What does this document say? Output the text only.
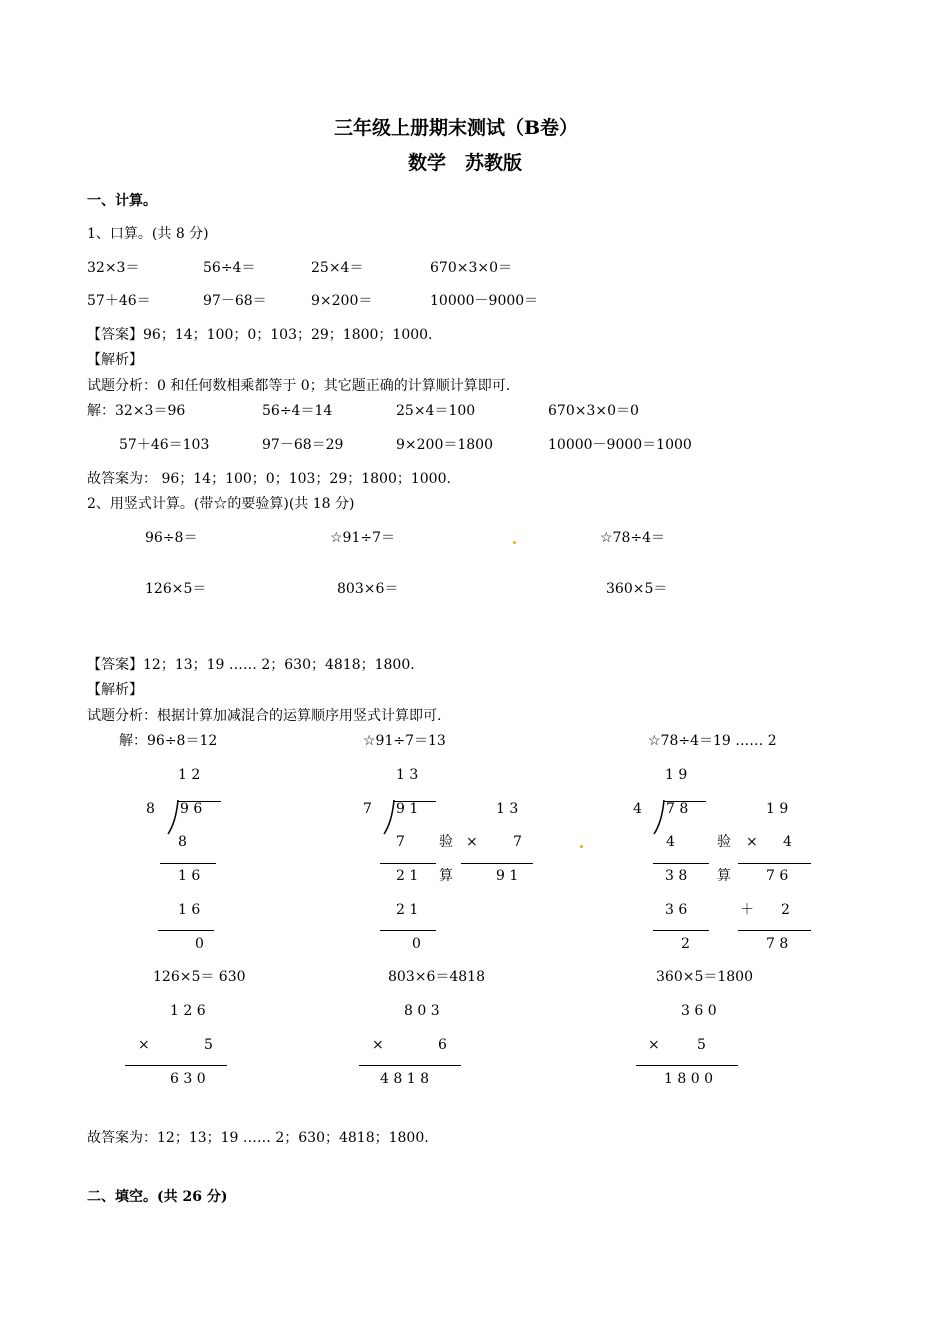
三年级上册期末测试（B卷）
数学　苏教版
一、计算。
1、口算。(共 8 分)
32×3＝	56÷4＝	25×4＝	670×3×0＝
57＋46＝	97－68＝	9×200＝	10000－9000＝
【答案】96；14；100；0；103；29；1800；1000.
【解析】
试题分析：0 和任何数相乘都等于 0；其它题正确的计算顺计算即可.
解：32×3＝96	56÷4＝14	25×4＝100	670×3×0＝0
57＋46＝103	97－68＝29	9×200＝1800	10000－9000＝1000
故答案为： 96；14；100；0；103；29；1800；1000.
2、用竖式计算。(带☆的要验算)(共 18 分)
96÷8＝	☆91÷7＝	☆78÷4＝
126×5＝	803×6＝	360×5＝
【答案】12；13；19 …… 2；630；4818；1800.
【解析】
试题分析：根据计算加减混合的运算顺序用竖式计算即可.
解：96÷8＝12
1 2
8 9 6
8
1 6
1 6
0
☆91÷7＝13
1 3
7 9 1
7
2 1
2 1
0
验
算
1 3
×	7
9 1
☆78÷4＝19 …… 2
1 9
4 7 8
4
3 8
3 6
2
验
算
1 9
× 4
7 6
＋ 2
7 8
126×5＝ 630
1 2 6
×	5
6 3 0
803×6＝4818
8 0 3
×	6
4 8 1 8
360×5＝1800
3 6 0
×	5
1 8 0 0
故答案为：12；13；19 …… 2；630；4818；1800.
二、填空。(共 26 分)
